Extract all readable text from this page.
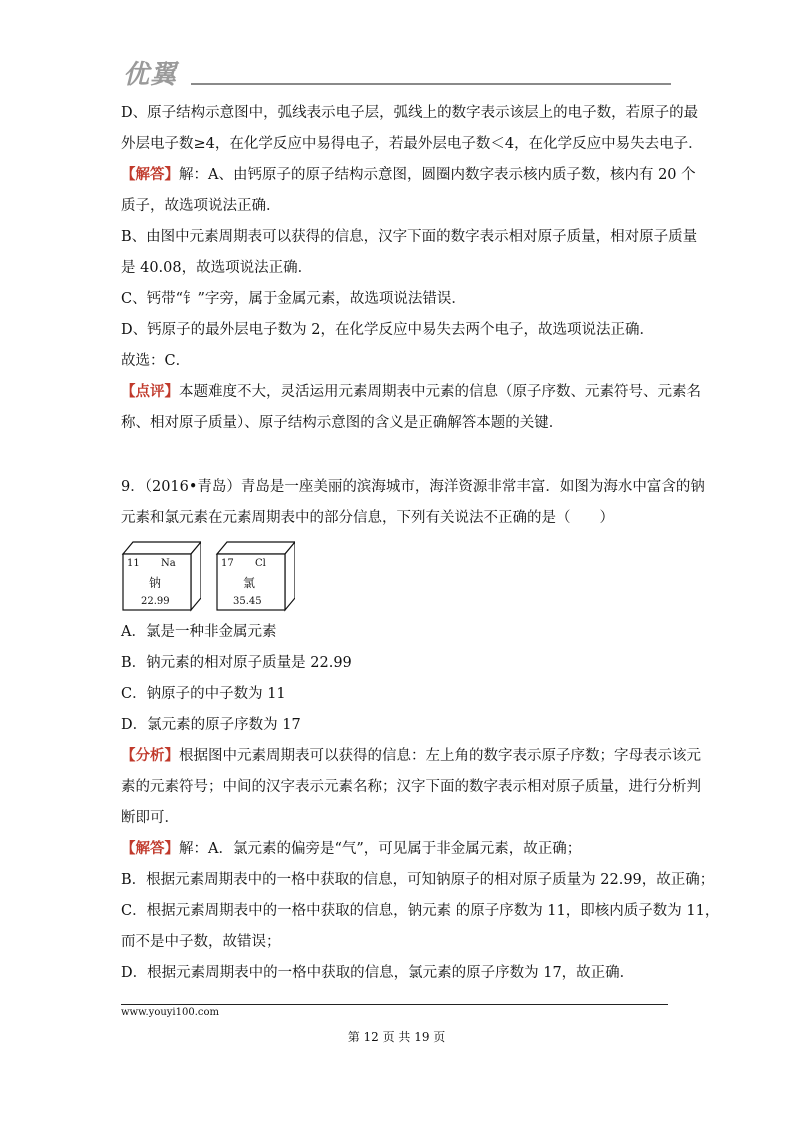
优翼
D、原子结构示意图中，弧线表示电子层，弧线上的数字表示该层上的电子数，若原子的最
外层电子数≥4，在化学反应中易得电子，若最外层电子数＜4，在化学反应中易失去电子．
【解答】解：A、由钙原子的原子结构示意图，圆圈内数字表示核内质子数，核内有 20 个
质子，故选项说法正确．
B、由图中元素周期表可以获得的信息，汉字下面的数字表示相对原子质量，相对原子质量
是 40.08，故选项说法正确．
C、钙带“钅”字旁，属于金属元素，故选项说法错误．
D、钙原子的最外层电子数为 2，在化学反应中易失去两个电子，故选项说法正确．
故选：C．
【点评】本题难度不大，灵活运用元素周期表中元素的信息（原子序数、元素符号、元素名
称、相对原子质量）、原子结构示意图的含义是正确解答本题的关键．
9．（2016•青岛）青岛是一座美丽的滨海城市，海洋资源非常丰富．如图为海水中富含的钠
元素和氯元素在元素周期表中的部分信息，下列有关说法不正确的是（　　）
11 Na
钠
22.99
17 Cl
氯
35.45
A．氯是一种非金属元素
B．钠元素的相对原子质量是 22.99
C．钠原子的中子数为 11
D．氯元素的原子序数为 17
【分析】根据图中元素周期表可以获得的信息：左上角的数字表示原子序数；字母表示该元
素的元素符号；中间的汉字表示元素名称；汉字下面的数字表示相对原子质量，进行分析判
断即可．
【解答】解：A．氯元素的偏旁是“气”，可见属于非金属元素，故正确；
B．根据元素周期表中的一格中获取的信息，可知钠原子的相对原子质量为 22.99，故正确；
C．根据元素周期表中的一格中获取的信息，钠元素 的原子序数为 11，即核内质子数为 11，
而不是中子数，故错误；
D．根据元素周期表中的一格中获取的信息，氯元素的原子序数为 17，故正确．
www.youyi100.com
第 12 页 共 19 页
